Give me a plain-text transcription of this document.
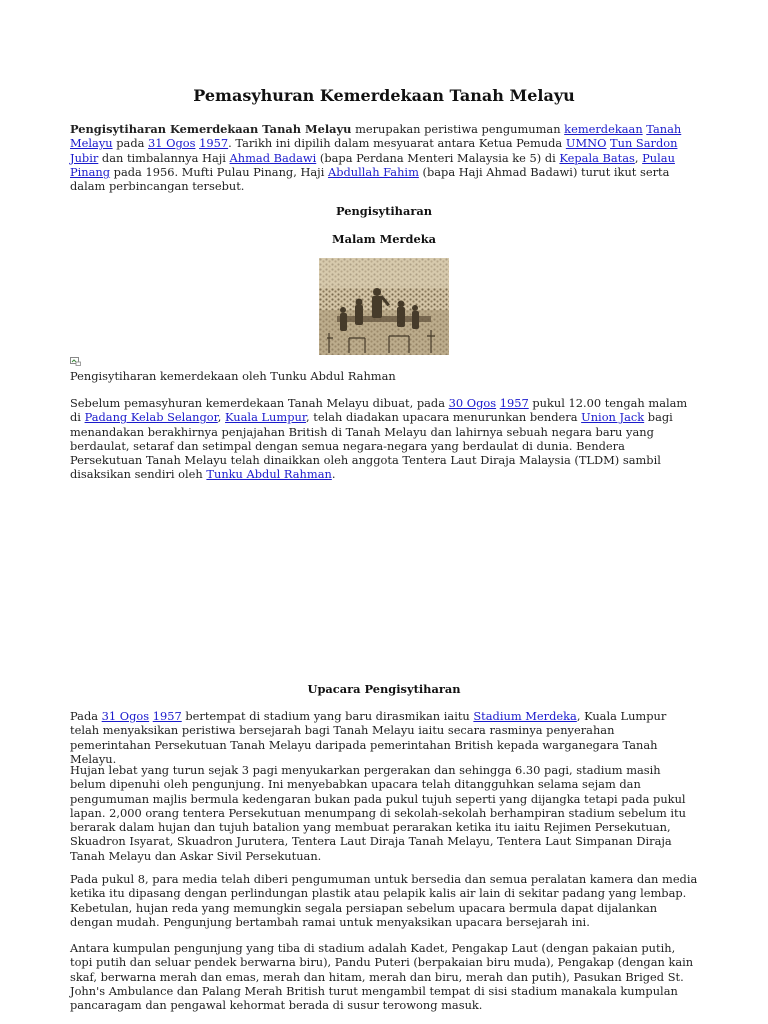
Pemasyhuran Kemerdekaan Tanah Melayu

Pengisytiharan Kemerdekaan Tanah Melayu merupakan peristiwa pengumuman kemerdekaan Tanah Melayu pada 31 Ogos 1957. Tarikh ini dipilih dalam mesyuarat antara Ketua Pemuda UMNO Tun Sardon Jubir dan timbalannya Haji Ahmad Badawi (bapa Perdana Menteri Malaysia ke 5) di Kepala Batas, Pulau Pinang pada 1956. Mufti Pulau Pinang, Haji Abdullah Fahim (bapa Haji Ahmad Badawi) turut ikut serta dalam perbincangan tersebut.

Pengisytiharan
Malam Merdeka

Pengisytiharan kemerdekaan oleh Tunku Abdul Rahman

Sebelum pemasyhuran kemerdekaan Tanah Melayu dibuat, pada 30 Ogos 1957 pukul 12.00 tengah malam di Padang Kelab Selangor, Kuala Lumpur, telah diadakan upacara menurunkan bendera Union Jack bagi menandakan berakhirnya penjajahan British di Tanah Melayu dan lahirnya sebuah negara baru yang berdaulat, setaraf dan setimpal dengan semua negara-negara yang berdaulat di dunia. Bendera Persekutuan Tanah Melayu telah dinaikkan oleh anggota Tentera Laut Diraja Malaysia (TLDM) sambil disaksikan sendiri oleh Tunku Abdul Rahman.

Upacara Pengisytiharan

Pada 31 Ogos 1957 bertempat di stadium yang baru dirasmikan iaitu Stadium Merdeka, Kuala Lumpur telah menyaksikan peristiwa bersejarah bagi Tanah Melayu iaitu secara rasminya penyerahan pemerintahan Persekutuan Tanah Melayu daripada pemerintahan British kepada warganegara Tanah Melayu.

Hujan lebat yang turun sejak 3 pagi menyukarkan pergerakan dan sehingga 6.30 pagi, stadium masih belum dipenuhi oleh pengunjung. Ini menyebabkan upacara telah ditangguhkan selama sejam dan pengumuman majlis bermula kedengaran bukan pada pukul tujuh seperti yang dijangka tetapi pada pukul lapan. 2,000 orang tentera Persekutuan menumpang di sekolah-sekolah berhampiran stadium sebelum itu berarak dalam hujan dan tujuh batalion yang membuat perarakan ketika itu iaitu Rejimen Persekutuan, Skuadron Isyarat, Skuadron Jurutera, Tentera Laut Diraja Tanah Melayu, Tentera Laut Simpanan Diraja Tanah Melayu dan Askar Sivil Persekutuan.

Pada pukul 8, para media telah diberi pengumuman untuk bersedia dan semua peralatan kamera dan media ketika itu dipasang dengan perlindungan plastik atau pelapik kalis air lain di sekitar padang yang lembap. Kebetulan, hujan reda yang memungkin segala persiapan sebelum upacara bermula dapat dijalankan dengan mudah. Pengunjung bertambah ramai untuk menyaksikan upacara bersejarah ini.

Antara kumpulan pengunjung yang tiba di stadium adalah Kadet, Pengakap Laut (dengan pakaian putih, topi putih dan seluar pendek berwarna biru), Pandu Puteri (berpakaian biru muda), Pengakap (dengan kain skaf, berwarna merah dan emas, merah dan hitam, merah dan biru, merah dan putih), Pasukan Briged St. John's Ambulance dan Palang Merah British turut mengambil tempat di sisi stadium manakala kumpulan pancaragam dan pengawal kehormat berada di susur terowong masuk.
